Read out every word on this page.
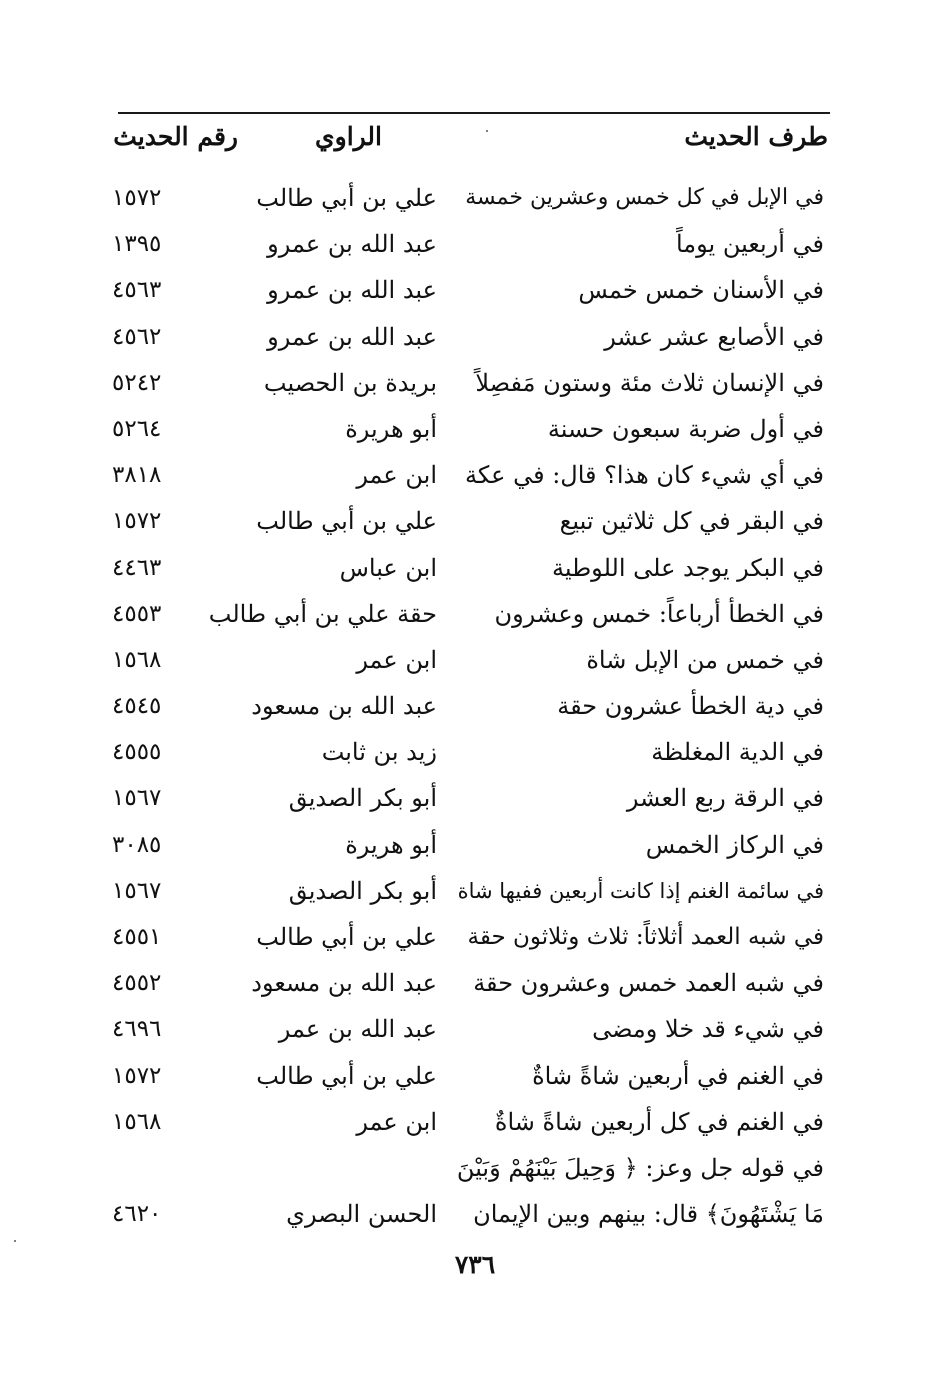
طرف الحديث
الراوي
رقم الحديث
في الإبل في كل خمس وعشرين خمسة
علي بن أبي طالب
١٥٧٢
في أربعين يوماً
عبد الله بن عمرو
١٣٩٥
في الأسنان خمس خمس
عبد الله بن عمرو
٤٥٦٣
في الأصابع عشر عشر
عبد الله بن عمرو
٤٥٦٢
في الإنسان ثلاث مئة وستون مَفصِلاً
بريدة بن الحصيب
٥٢٤٢
في أول ضربة سبعون حسنة
أبو هريرة
٥٢٦٤
في أي شيء كان هذا؟ قال: في عكة
ابن عمر
٣٨١٨
في البقر في كل ثلاثين تبيع
علي بن أبي طالب
١٥٧٢
في البكر يوجد على اللوطية
ابن عباس
٤٤٦٣
في الخطأ أرباعاً: خمس وعشرون
حقة علي بن أبي طالب
٤٥٥٣
في خمس من الإبل شاة
ابن عمر
١٥٦٨
في دية الخطأ عشرون حقة
عبد الله بن مسعود
٤٥٤٥
في الدية المغلظة
زيد بن ثابت
٤٥٥٥
في الرقة ربع العشر
أبو بكر الصديق
١٥٦٧
في الركاز الخمس
أبو هريرة
٣٠٨٥
في سائمة الغنم إذا كانت أربعين ففيها شاة
أبو بكر الصديق
١٥٦٧
في شبه العمد أثلاثاً: ثلاث وثلاثون حقة
علي بن أبي طالب
٤٥٥١
في شبه العمد خمس وعشرون حقة
عبد الله بن مسعود
٤٥٥٢
في شيء قد خلا ومضى
عبد الله بن عمر
٤٦٩٦
في الغنم في أربعين شاةً شاةٌ
علي بن أبي طالب
١٥٧٢
في الغنم في كل أربعين شاةً شاةٌ
ابن عمر
١٥٦٨
في قوله جل وعز: ﴿ وَحِيلَ بَيْنَهُمْ وَبَيْنَ
مَا يَشْتَهُونَ﴾ قال: بينهم وبين الإيمان
الحسن البصري
٤٦٢٠
٧٣٦
